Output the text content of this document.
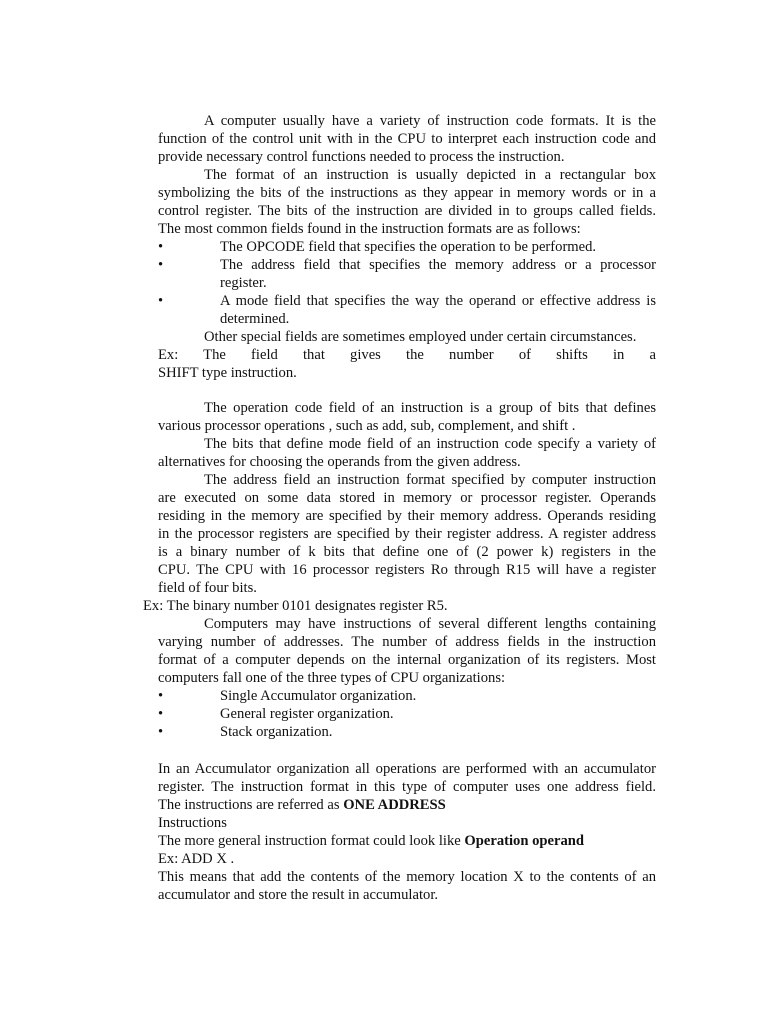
A computer usually have a variety of instruction code formats. It is the
function of the control unit with in the CPU to interpret each instruction code and
provide necessary control functions needed to process the instruction.
The format of an instruction is usually depicted in a rectangular box
symbolizing the bits of the instructions as they appear in memory words or in a
control register. The bits of the instruction are divided in to groups called fields.
The most common fields found in the instruction formats are as follows:
•	The OPCODE field that specifies the operation to be performed.
•	The address field that specifies the memory address or a processor
register.
•	A mode field that specifies the way the operand or effective address is
determined.
Other special fields are sometimes employed under certain circumstances.
Ex: The field that gives the number of shifts in a
SHIFT type instruction.
The operation code field of an instruction is a group of bits that defines
various processor operations , such as add, sub, complement, and shift .
The bits that define mode field of an instruction code specify a variety of
alternatives for choosing the operands from the given address.
The address field an instruction format specified by computer instruction
are executed on some data stored in memory or processor register. Operands
residing in the memory are specified by their memory address. Operands residing
in the processor registers are specified by their register address. A register address
is a binary number of k bits that define one of (2 power k) registers in the
CPU. The CPU with 16 processor registers Ro through R15 will have a register
field of four bits.
Ex: The binary number 0101 designates register R5.
Computers may have instructions of several different lengths containing
varying number of addresses. The number of address fields in the instruction
format of a computer depends on the internal organization of its registers. Most
computers fall one of the three types of CPU organizations:
•	Single Accumulator organization.
•	General register organization.
•	Stack organization.
In an Accumulator organization all operations are performed with an accumulator
register. The instruction format in this type of computer uses one address field.
The instructions are referred as ONE ADDRESS
Instructions
The more general instruction format could look like Operation operand
Ex: ADD X .
This means that add the contents of the memory location X to the contents of an
accumulator and store the result in accumulator.
